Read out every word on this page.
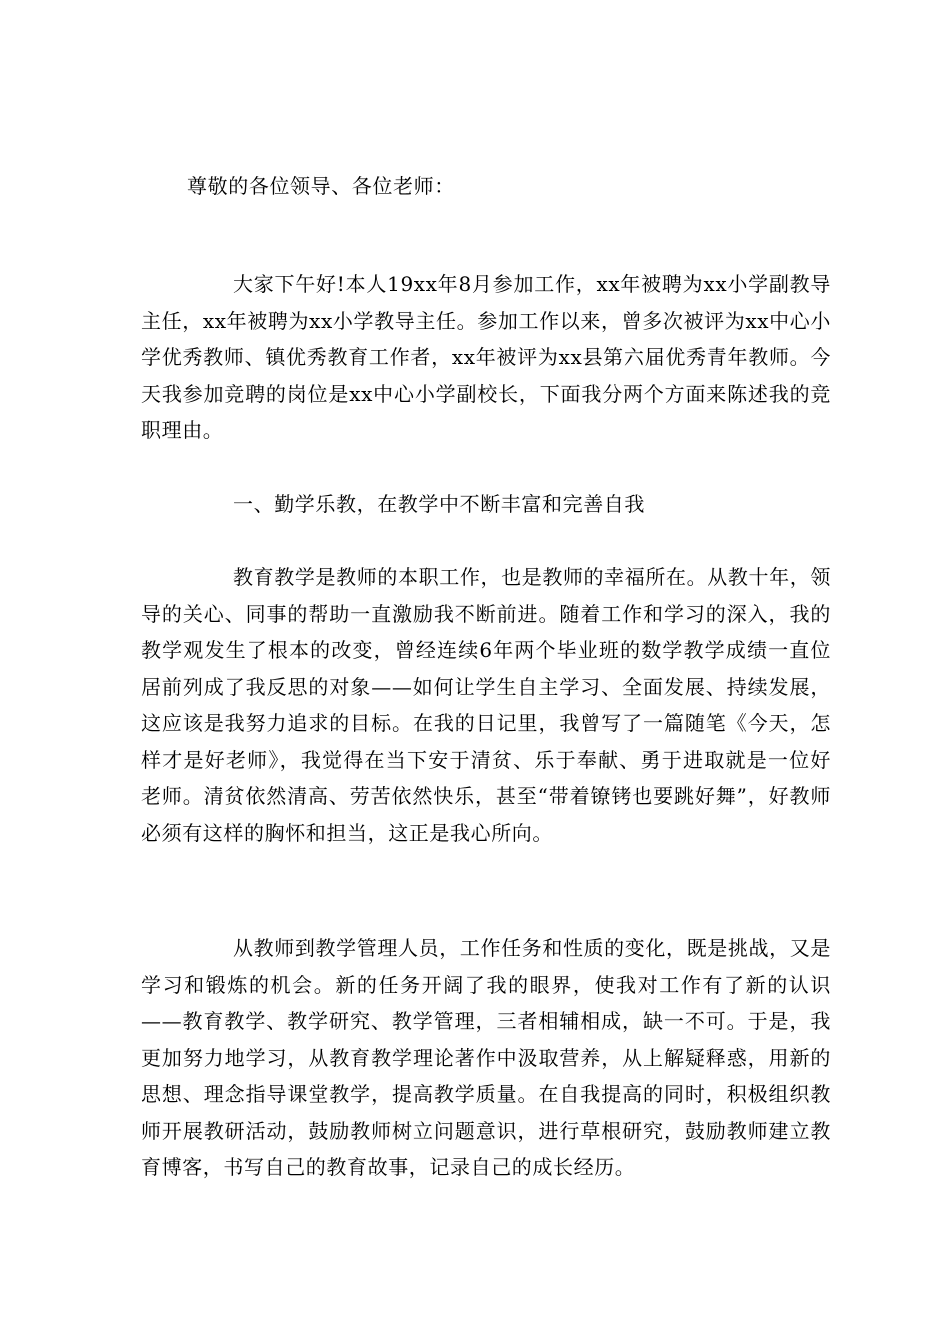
尊敬的各位领导、各位老师：

大家下午好!本人19xx年8月参加工作，xx年被聘为xx小学副教导主任，xx年被聘为xx小学教导主任。参加工作以来，曾多次被评为xx中心小学优秀教师、镇优秀教育工作者，xx年被评为xx县第六届优秀青年教师。今天我参加竞聘的岗位是xx中心小学副校长，下面我分两个方面来陈述我的竞职理由。

一、勤学乐教，在教学中不断丰富和完善自我

教育教学是教师的本职工作，也是教师的幸福所在。从教十年，领导的关心、同事的帮助一直激励我不断前进。随着工作和学习的深入，我的教学观发生了根本的改变，曾经连续6年两个毕业班的数学教学成绩一直位居前列成了我反思的对象——如何让学生自主学习、全面发展、持续发展，这应该是我努力追求的目标。在我的日记里，我曾写了一篇随笔《今天，怎样才是好老师》，我觉得在当下安于清贫、乐于奉献、勇于进取就是一位好老师。清贫依然清高、劳苦依然快乐，甚至“带着镣铐也要跳好舞”，好教师必须有这样的胸怀和担当，这正是我心所向。

从教师到教学管理人员，工作任务和性质的变化，既是挑战，又是学习和锻炼的机会。新的任务开阔了我的眼界，使我对工作有了新的认识——教育教学、教学研究、教学管理，三者相辅相成，缺一不可。于是，我更加努力地学习，从教育教学理论著作中汲取营养，从上解疑释惑，用新的思想、理念指导课堂教学，提高教学质量。在自我提高的同时，积极组织教师开展教研活动，鼓励教师树立问题意识，进行草根研究，鼓励教师建立教育博客，书写自己的教育故事，记录自己的成长经历。
